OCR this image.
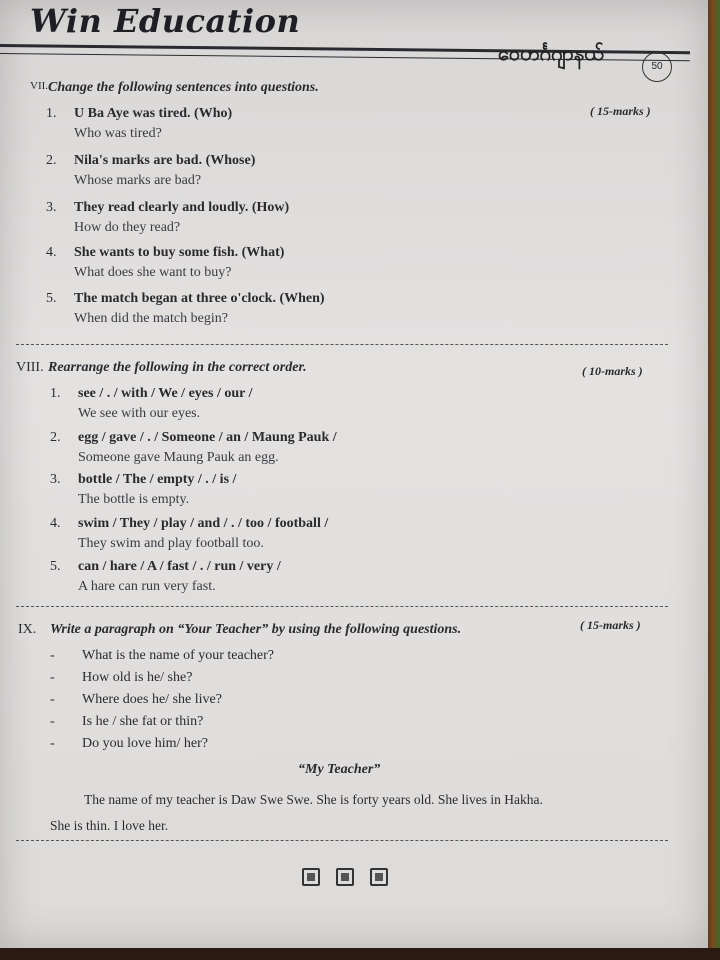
Win Education
ဝေဟင်္ဂဂျာနယ်
50
VII. Change the following sentences into questions.
( 15-marks )
1.	U Ba Aye was tired. (Who)
Who was tired?
2.	Nila's marks are bad. (Whose)
Whose marks are bad?
3.	They read clearly and loudly. (How)
How do they read?
4.	She wants to buy some fish. (What)
What does she want to buy?
5.	The match began at three o'clock. (When)
When did the match begin?
VIII. Rearrange the following in the correct order.	( 10-marks )
1.	see / . / with / We / eyes / our /
We see with our eyes.
2.	egg / gave / . / Someone / an / Maung Pauk /
Someone gave Maung Pauk an egg.
3.	bottle / The / empty / . / is /
The bottle is empty.
4.	swim / They / play / and / . / too / football /
They swim and play football too.
5.	can / hare / A / fast / . / run / very /
A hare can run very fast.
IX. Write a paragraph on “Your Teacher” by using the following questions.	( 15-marks )
- What is the name of your teacher?
- How old is he/ she?
- Where does he/ she live?
- Is he / she fat or thin?
- Do you love him/ her?
“My Teacher”
The name of my teacher is Daw Swe Swe. She is forty years old. She lives in Hakha.
She is thin. I love her.
